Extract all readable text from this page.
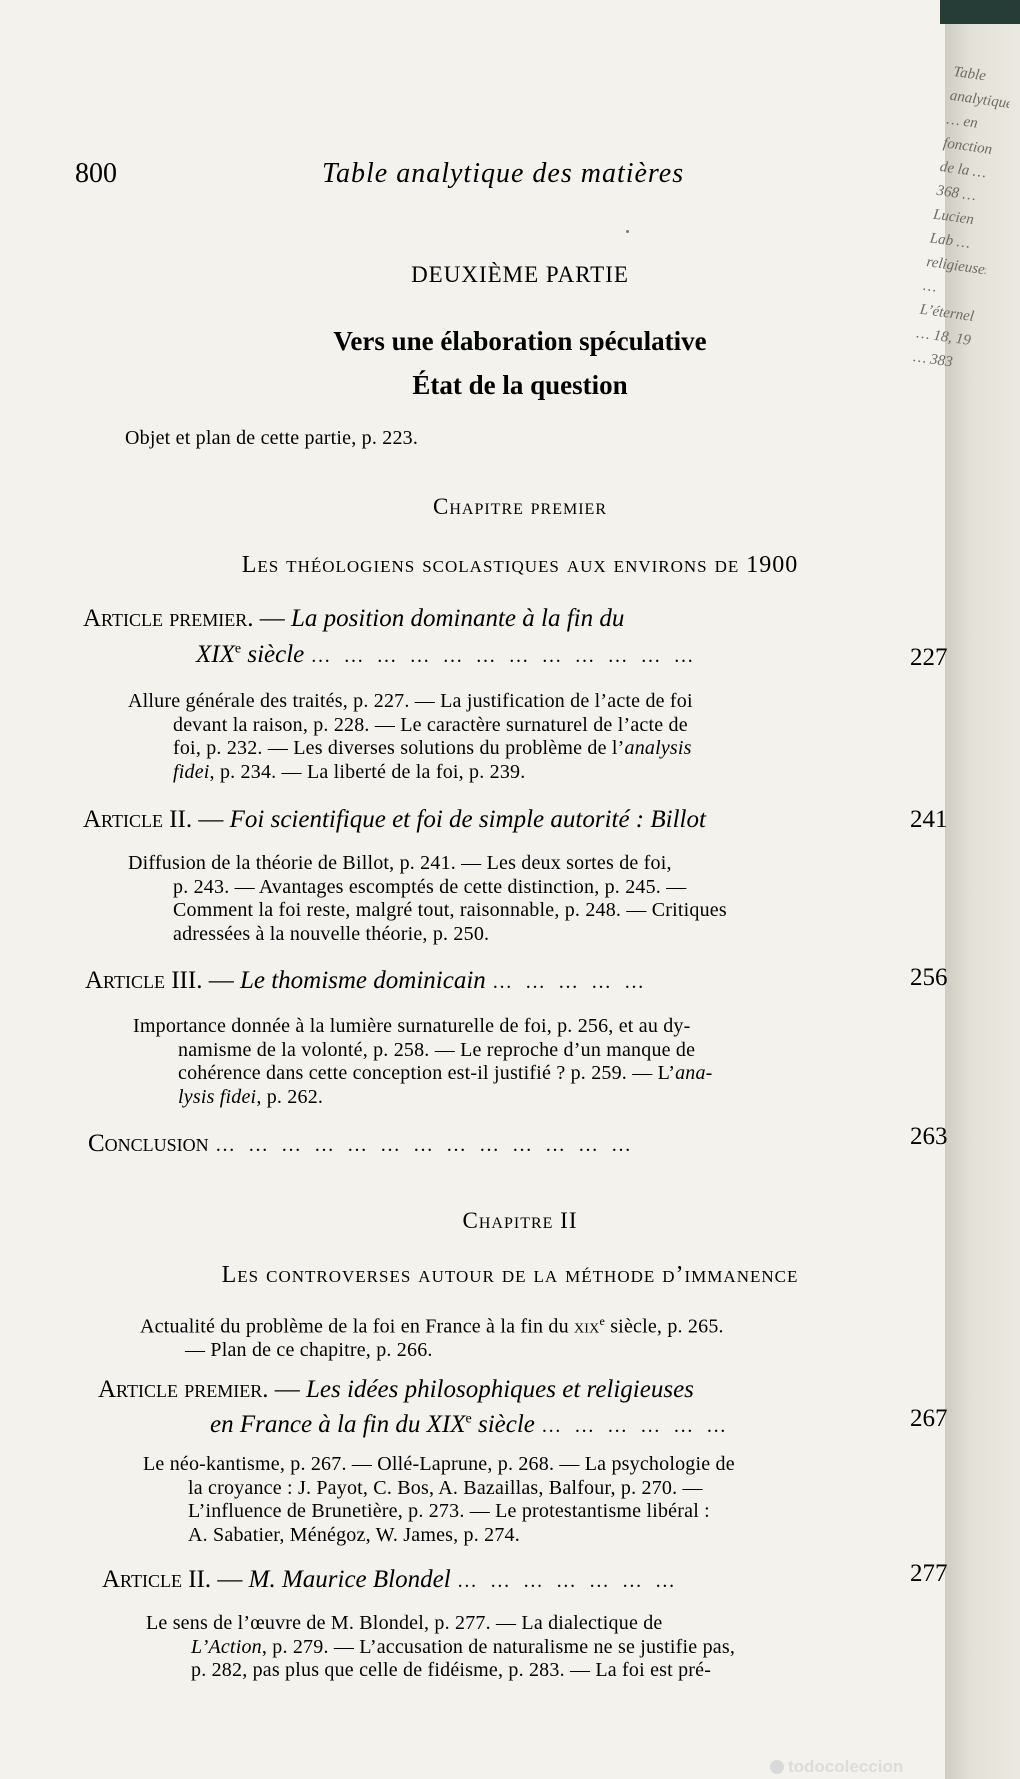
Table analytique … en fonction de la … 368 … Lucien Lab … religieuses … L’éternel … 18, 19 … 383
800	Table analytique des matières
DEUXIÈME PARTIE
Vers une élaboration spéculative
État de la question
Objet et plan de cette partie, p. 223.
Chapitre premier
Les théologiens scolastiques aux environs de 1900
Article premier. — La position dominante à la fin du
XIXe siècle … … … … … … … … … … … …	227
Allure générale des traités, p. 227. — La justification de l’acte de foi
devant la raison, p. 228. — Le caractère surnaturel de l’acte de
foi, p. 232. — Les diverses solutions du problème de l’analysis
fidei, p. 234. — La liberté de la foi, p. 239.
Article II. — Foi scientifique et foi de simple autorité : Billot	241
Diffusion de la théorie de Billot, p. 241. — Les deux sortes de foi,
p. 243. — Avantages escomptés de cette distinction, p. 245. —
Comment la foi reste, malgré tout, raisonnable, p. 248. — Critiques
adressées à la nouvelle théorie, p. 250.
Article III. — Le thomisme dominicain … … … … …	256
Importance donnée à la lumière surnaturelle de foi, p. 256, et au dy-
namisme de la volonté, p. 258. — Le reproche d’un manque de
cohérence dans cette conception est-il justifié ? p. 259. — L’ana-
lysis fidei, p. 262.
Conclusion … … … … … … … … … … … … …	263
Chapitre II
Les controverses autour de la méthode d’immanence
Actualité du problème de la foi en France à la fin du xix$^e$ siècle, p. 265.
— Plan de ce chapitre, p. 266.
Article premier. — Les idées philosophiques et religieuses
en France à la fin du XIXe siècle … … … … … …	267
Le néo-kantisme, p. 267. — Ollé-Laprune, p. 268. — La psychologie de
la croyance : J. Payot, C. Bos, A. Bazaillas, Balfour, p. 270. —
L’influence de Brunetière, p. 273. — Le protestantisme libéral :
A. Sabatier, Ménégoz, W. James, p. 274.
Article II. — M. Maurice Blondel … … … … … … …	277
Le sens de l’œuvre de M. Blondel, p. 277. — La dialectique de
L’Action, p. 279. — L’accusation de naturalisme ne se justifie pas,
p. 282, pas plus que celle de fidéisme, p. 283. — La foi est pré-
todocoleccion
